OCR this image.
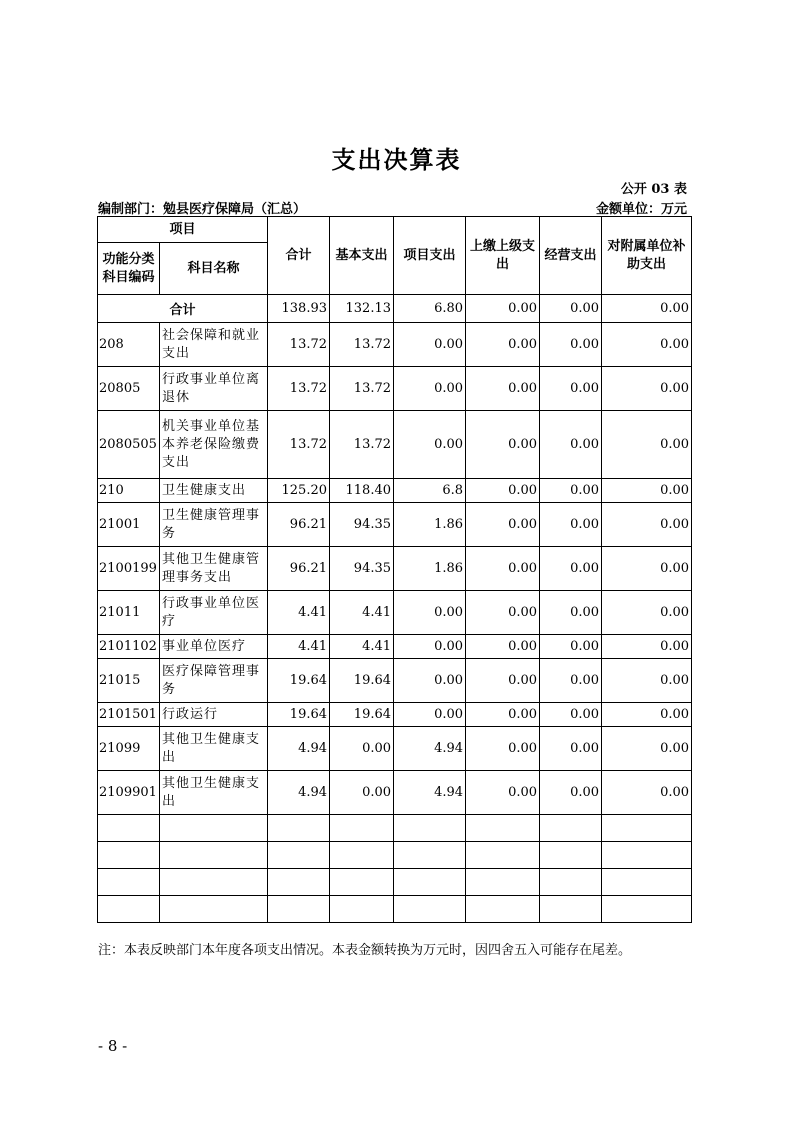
支出决算表
公开 03 表
编制部门：勉县医疗保障局（汇总）	金额单位：万元
项目		合计	基本支出	项目支出	上缴上级支出	经营支出	对附属单位补助支出
功能分类科目编码	科目名称						
合计		138.93	132.13	6.80	0.00	0.00	0.00
208	社会保障和就业支出	13.72	13.72	0.00	0.00	0.00	0.00
20805	行政事业单位离退休	13.72	13.72	0.00	0.00	0.00	0.00
2080505	机关事业单位基本养老保险缴费支出	13.72	13.72	0.00	0.00	0.00	0.00
210	卫生健康支出	125.20	118.40	6.8	0.00	0.00	0.00
21001	卫生健康管理事务	96.21	94.35	1.86	0.00	0.00	0.00
2100199	其他卫生健康管理事务支出	96.21	94.35	1.86	0.00	0.00	0.00
21011	行政事业单位医疗	4.41	4.41	0.00	0.00	0.00	0.00
2101102	事业单位医疗	4.41	4.41	0.00	0.00	0.00	0.00
21015	医疗保障管理事务	19.64	19.64	0.00	0.00	0.00	0.00
2101501	行政运行	19.64	19.64	0.00	0.00	0.00	0.00
21099	其他卫生健康支出	4.94	0.00	4.94	0.00	0.00	0.00
2109901	其他卫生健康支出	4.94	0.00	4.94	0.00	0.00	0.00

注：本表反映部门本年度各项支出情况。本表金额转换为万元时，因四舍五入可能存在尾差。
- 8 -
